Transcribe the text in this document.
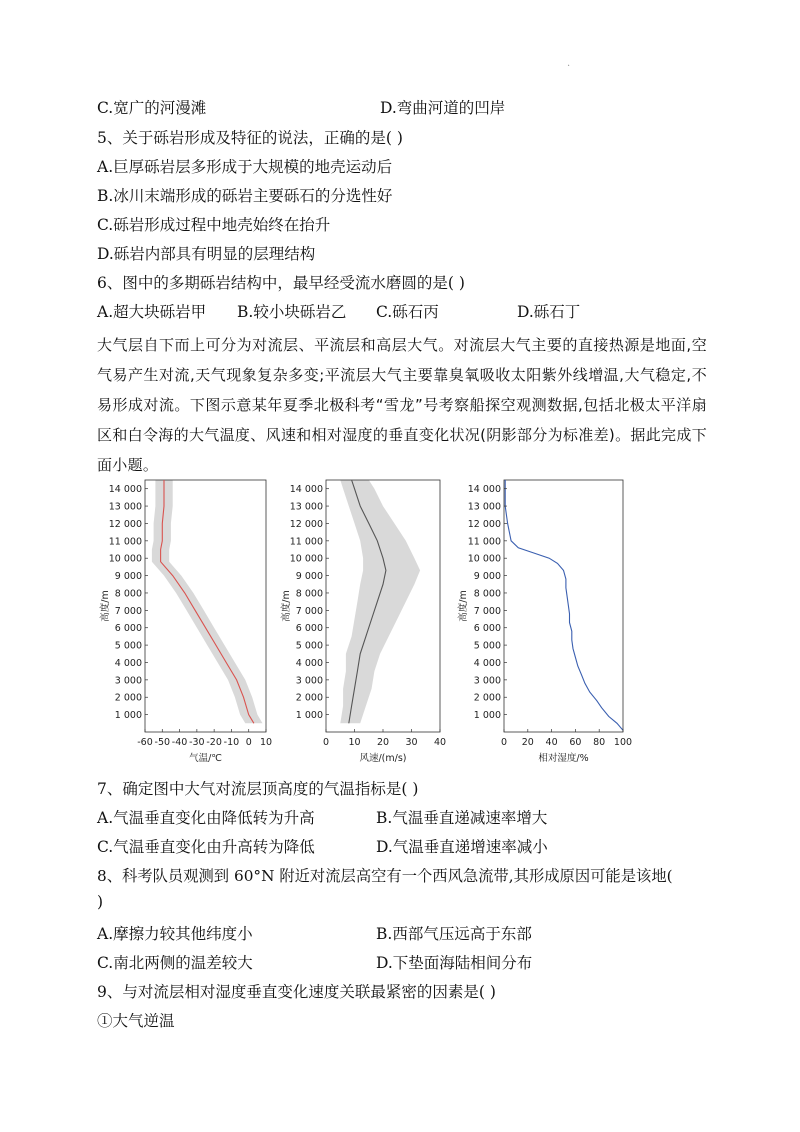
.
C.宽广的河漫滩	D.弯曲河道的凹岸
5、关于砾岩形成及特征的说法，正确的是( )
A.巨厚砾岩层多形成于大规模的地壳运动后
B.冰川末端形成的砾岩主要砾石的分选性好
C.砾岩形成过程中地壳始终在抬升
D.砾岩内部具有明显的层理结构
6、图中的多期砾岩结构中，最早经受流水磨圆的是( )
A.超大块砾岩甲 B.较小块砾岩乙 C.砾石丙	D.砾石丁
大气层自下而上可分为对流层、平流层和高层大气。对流层大气主要的直接热源是地面,空气易产生对流,天气现象复杂多变;平流层大气主要靠臭氧吸收太阳紫外线增温,大气稳定,不易形成对流。下图示意某年夏季北极科考“雪龙”号考察船探空观测数据,包括北极太平洋扇区和白令海的大气温度、风速和相对湿度的垂直变化状况(阴影部分为标准差)。据此完成下面小题。
1 000
2 000
3 000
4 000
5 000
6 000
7 000
8 000
9 000
10 000
11 000
12 000
13 000
14 000
-60 -50 -40 -30 -20 -10 0 10
气温/℃
高度/m
1 000
2 000
3 000
4 000
5 000
6 000
7 000
8 000
9 000
10 000
11 000
12 000
13 000
14 000
0 10 20 30 40
风速/(m/s)
高度/m
1 000
2 000
3 000
4 000
5 000
6 000
7 000
8 000
9 000
10 000
11 000
12 000
13 000
14 000
0 20 40 60 80 100
相对湿度/%
高度/m
7、确定图中大气对流层顶高度的气温指标是( )
A.气温垂直变化由降低转为升高	B.气温垂直递减速率增大
C.气温垂直变化由升高转为降低	D.气温垂直递增速率减小
8、科考队员观测到 60°N 附近对流层高空有一个西风急流带,其形成原因可能是该地(
)
A.摩擦力较其他纬度小	B.西部气压远高于东部
C.南北两侧的温差较大	D.下垫面海陆相间分布
9、与对流层相对湿度垂直变化速度关联最紧密的因素是( )
①大气逆温
